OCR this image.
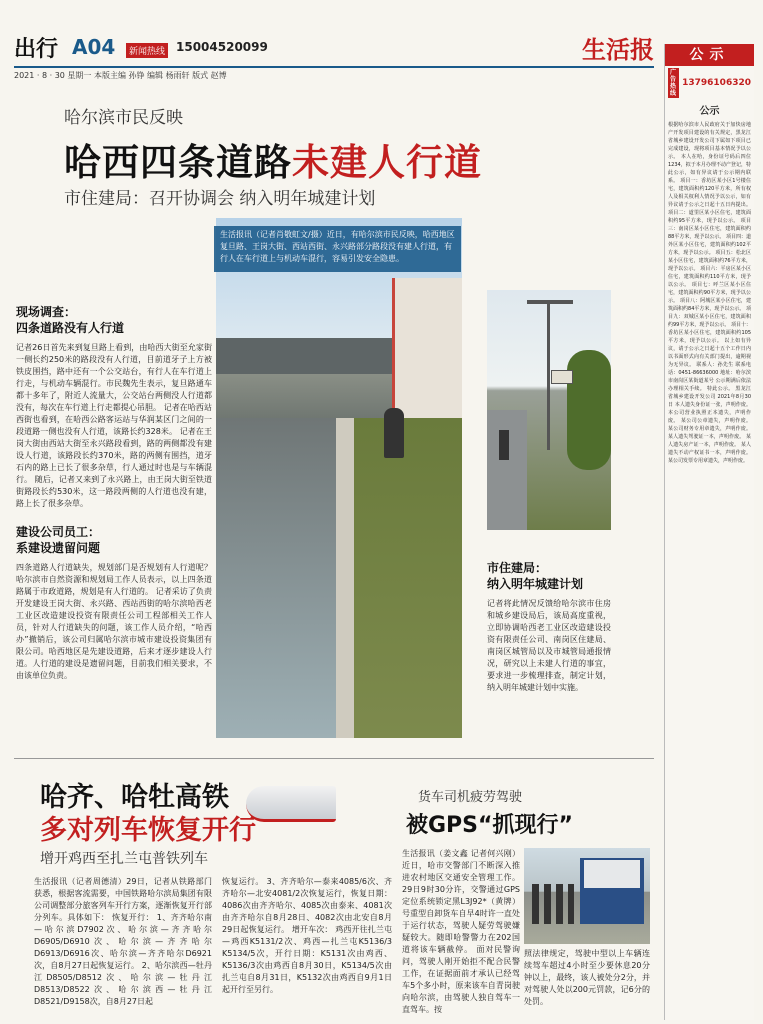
出行 A04	新闻热线 15004520099	生活报
2021 · 8 · 30 星期一 本版主编 孙铮 编辑 杨雨轩 版式 赵博
哈尔滨市民反映
哈西四条道路未建人行道
市住建局：召开协调会 纳入明年城建计划
生活报讯（记者肖敬虹文/摄）近日，有哈尔滨市民反映，哈西地区复旦路、王岗大街、西站西街、永兴路部分路段没有建人行道，有行人在车行道上与机动车混行，容易引发安全隐患。
现场调查：
四条道路没有人行道
记者26日首先来到复旦路上看到，由哈西大街至允家街一侧长约250米的路段没有人行道，目前道牙子上方被铁皮围挡，路中还有一个公交站台，有行人在车行道上行走，与机动车辆混行。市民魏先生表示，复旦路通车都十多年了，附近人流量大，公交站台两侧没人行道都没有，每次在车行道上行走都提心吊胆。 记者在哈西站西街也看到，在哈西公路客运站与华润某区门之间的一段道路一侧也没有人行道，该路长约328米。 记者在王岗大街由西站大街至永兴路段看到，路的两侧都没有建设人行道，该路段长约370米，路的两侧有围挡，道牙石内的路上已长了很多杂草，行人通过时也是与车辆混行。 随后，记者又来到了永兴路上，由王岗大街至铁道街路段长约530米，这一路段两侧的人行道也没有建，路上长了很多杂草。
建设公司员工：
系建设遗留问题
四条道路人行道缺失，规划部门是否规划有人行道呢？哈尔滨市自然资源和规划局工作人员表示，以上四条道路属于市政道路，规划是有人行道的。 记者采访了负责开发建设王岗大街、永兴路、西站西街的哈尔滨哈西老工业区改造建设投资有限责任公司工程部相关工作人员，针对人行道缺失的问题，该工作人员介绍，“哈西办”撤销后，该公司归属哈尔滨市城市建设投资集团有限公司。哈西地区是先建设道路，后来才逐步建设人行道。人行道的建设是遗留问题，目前我们相关要求，不由该单位负责。
市住建局：
纳入明年城建计划
记者将此情况反馈给哈尔滨市住房和城乡建设局后，该局高度重视，立即协调哈西老工业区改造建设投资有限责任公司、南岗区住建局、南岗区城管局以及市城管局通报情况，研究以上未建人行道的事宜，要求进一步梳理排查，制定计划，纳入明年城建计划中实施。
哈齐、哈牡高铁
多对列车恢复开行
增开鸡西至扎兰屯普铁列车
生活报讯（记者周德清）29日，记者从铁路部门获悉，根据客流需要，中国铁路哈尔滨局集团有限公司调整部分旅客列车开行方案，逐渐恢复开行部分列车。具体如下： 恢复开行： 1、齐齐哈尔南—哈尔滨D7902次、哈尔滨—齐齐哈尔D6905/D6910次、哈尔滨—齐齐哈尔D6913/D6916次、哈尔滨—齐齐哈尔D6921次，自8月27日起恢复运行。 2、哈尔滨西—牡丹江D8505/D8512次、哈尔滨—牡丹江D8513/D8522次、哈尔滨西—牡丹江D8521/D9158次，自8月27日起
恢复运行。 3、齐齐哈尔—泰来4085/6次、齐齐哈尔—北安4081/2次恢复运行，恢复日期：4086次由齐齐哈尔、4085次由泰来、4081次由齐齐哈尔自8月28日、4082次由北安自8月29日起恢复运行。 增开车次： 鸡西开往扎兰屯—鸡西K5131/2次、鸡西—扎兰屯K5136/3 K5134/5次，开行日期：K5131次由鸡西、K5136/3次由鸡西自8月30日，K5134/5次由扎兰屯自8月31日，K5132次由鸡西自9月1日起开行至另行。
货车司机疲劳驾驶
被GPS“抓现行”
生活报讯（姜文鑫 记者何兴刚）近日，哈市交警部门不断深入推进农村地区交通安全管理工作。 29日9时30分许，交警通过GPS定位系统锁定黑L3J92*（黄牌）号重型自卸货车自早4时许一直处于运行状态，驾驶人疑劳驾驶嫌疑较大。随即哈警警力在202国道将该车辆截停。 面对民警询问，驾驶人刚开始拒不配合民警工作，在证据面前才承认已经驾车5个多小时，原来该车自青岗驶向哈尔滨，由驾驶人独自驾车一直驾车。按
照法律规定，驾驶中型以上车辆连续驾车超过4小时至少要休息20分钟以上，最终，该人被处分2分，并对驾驶人处以200元罚款，记6分的处罚。
公示
广告热线
13796106320
公示
根据哈尔滨市人民政府关于加快房地产开发项目建设的有关规定，黑龙江省城乡建设开发公司下属如下项目已完成建设，现将项目基本情况予以公示。 本人在哈，身份证号码后四位1234，拟于本月办理不动产登记，特此公示，如有异议请于公示期内联系。 项目一：香坊区某小区1号楼住宅，建筑面积约120平方米，所有权人及相关权利人情况予以公示，如有异议请于公示之日起十五日内提出。 项目二：道里区某小区住宅，建筑面积约95平方米，现予以公示。 项目三：南岗区某小区住宅，建筑面积约88平方米，现予以公示。 项目四：道外区某小区住宅，建筑面积约102平方米，现予以公示。 项目五：松北区某小区住宅，建筑面积约76平方米，现予以公示。 项目六：平房区某小区住宅，建筑面积约110平方米，现予以公示。 项目七：呼兰区某小区住宅，建筑面积约90平方米，现予以公示。 项目八：阿城区某小区住宅，建筑面积约84平方米，现予以公示。 项目九：双城区某小区住宅，建筑面积约99平方米，现予以公示。 项目十：香坊区某小区住宅，建筑面积约105平方米，现予以公示。 以上如有异议，请于公示之日起十五个工作日内以书面形式向有关部门提出，逾期视为无异议。 联系人：孙先生 联系电话：0451-86636000 地址：哈尔滨市南岗区某街道某号 公示期满后依法办理相关手续。 特此公示。 黑龙江省城乡建设开发公司 2021年8月30日 本人遗失身份证一张，声明作废。 本公司营业执照正本遗失，声明作废。 某公司公章遗失，声明作废。 某公司财务专用章遗失，声明作废。 某人遗失驾驶证一本，声明作废。 某人遗失房产证一本，声明作废。 某人遗失不动产权证书一本，声明作废。 某公司发票专用章遗失，声明作废。
